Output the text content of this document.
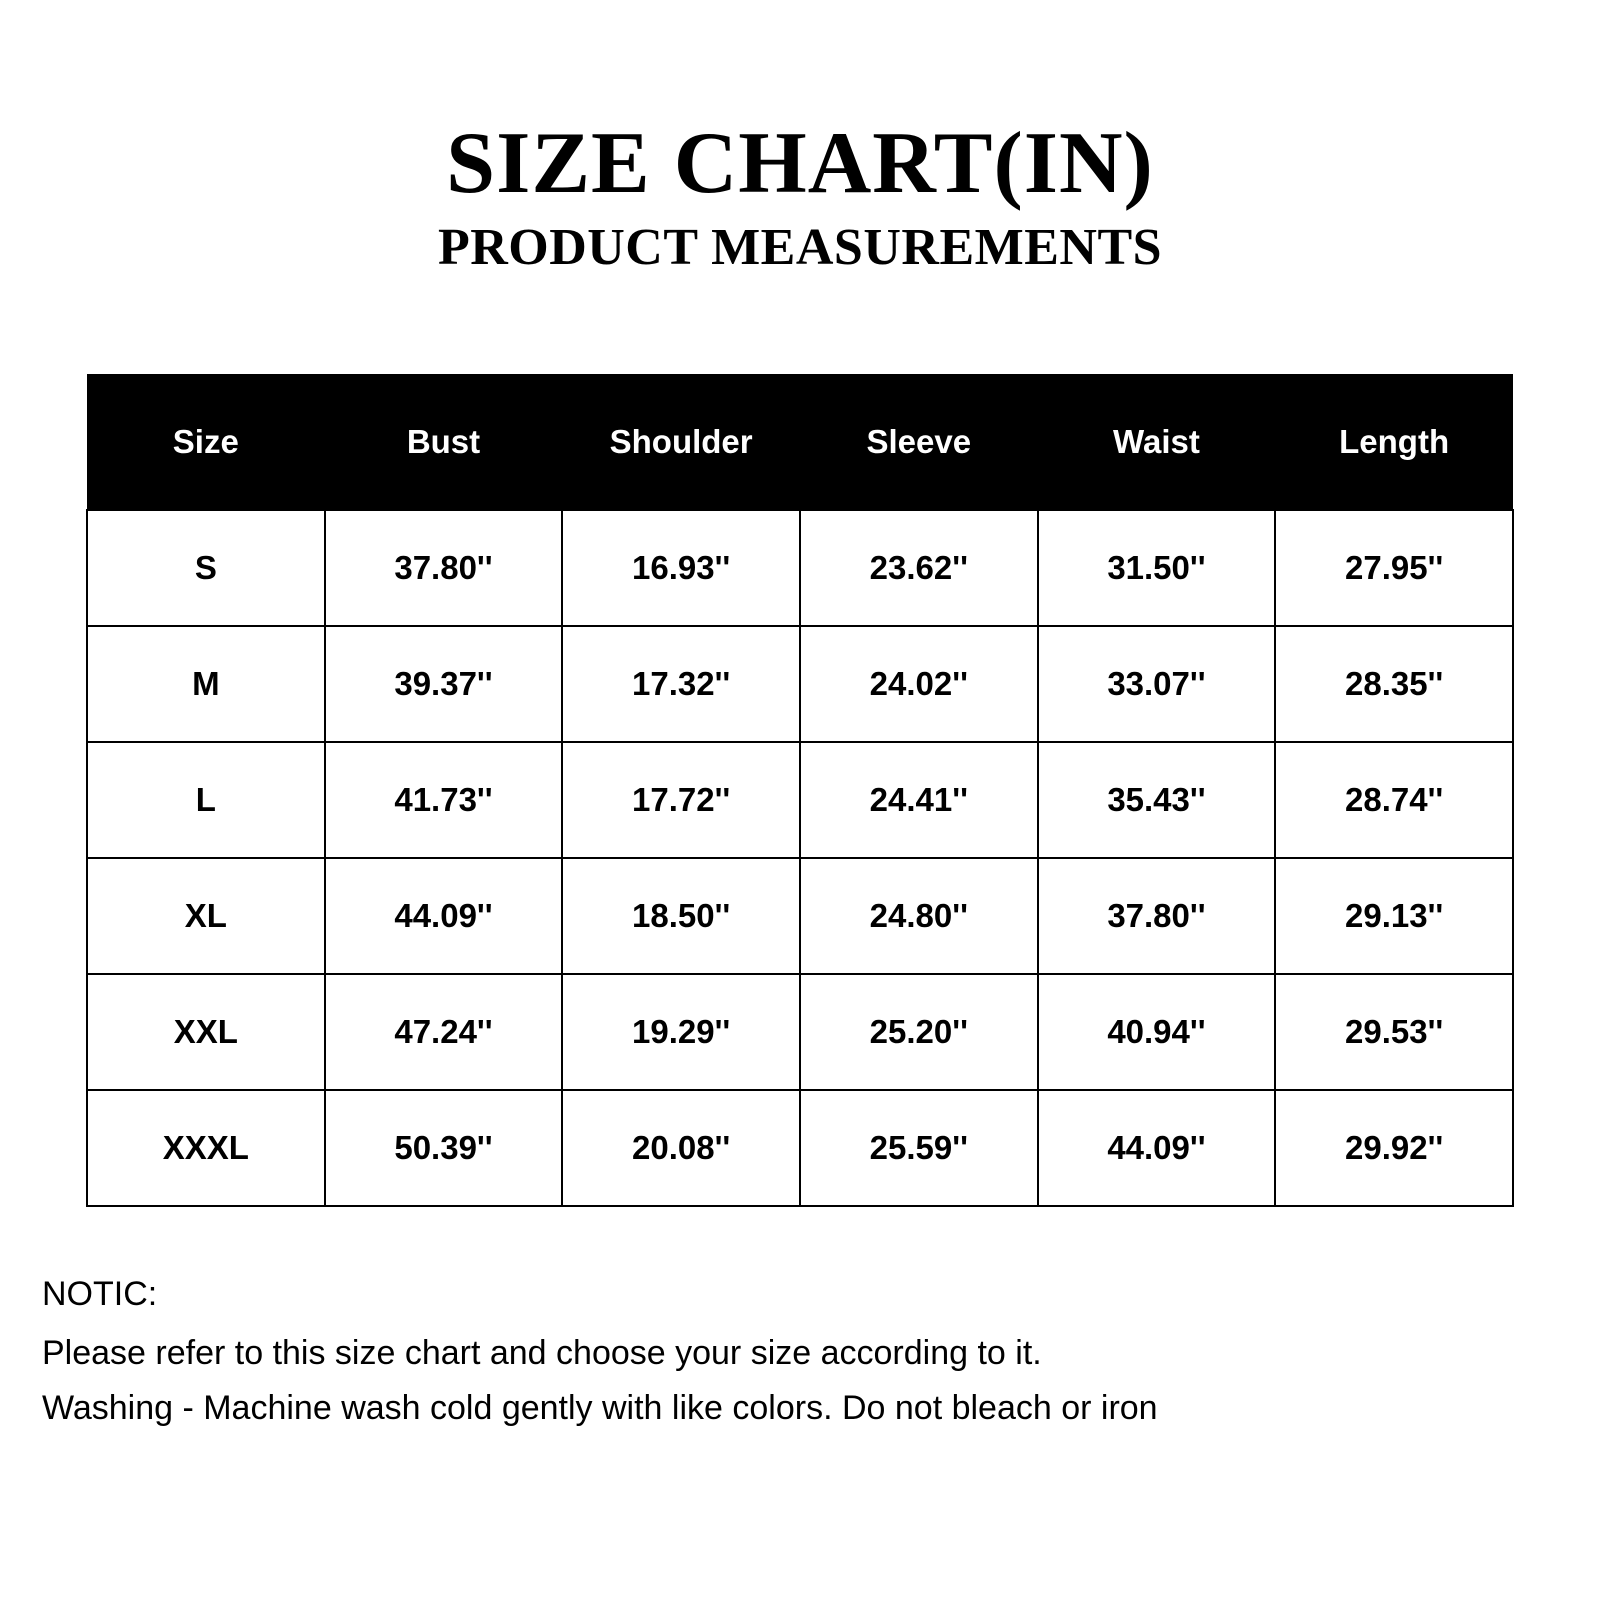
SIZE CHART(IN)
PRODUCT MEASUREMENTS
Size	Bust	Shoulder	Sleeve	Waist	Length
S	37.80''	16.93''	23.62''	31.50''	27.95''
M	39.37''	17.32''	24.02''	33.07''	28.35''
L	41.73''	17.72''	24.41''	35.43''	28.74''
XL	44.09''	18.50''	24.80''	37.80''	29.13''
XXL	47.24''	19.29''	25.20''	40.94''	29.53''
XXXL	50.39''	20.08''	25.59''	44.09''	29.92''
NOTIC:
Please refer to this size chart and choose your size according to it.
Washing - Machine wash cold gently with like colors. Do not bleach or iron
